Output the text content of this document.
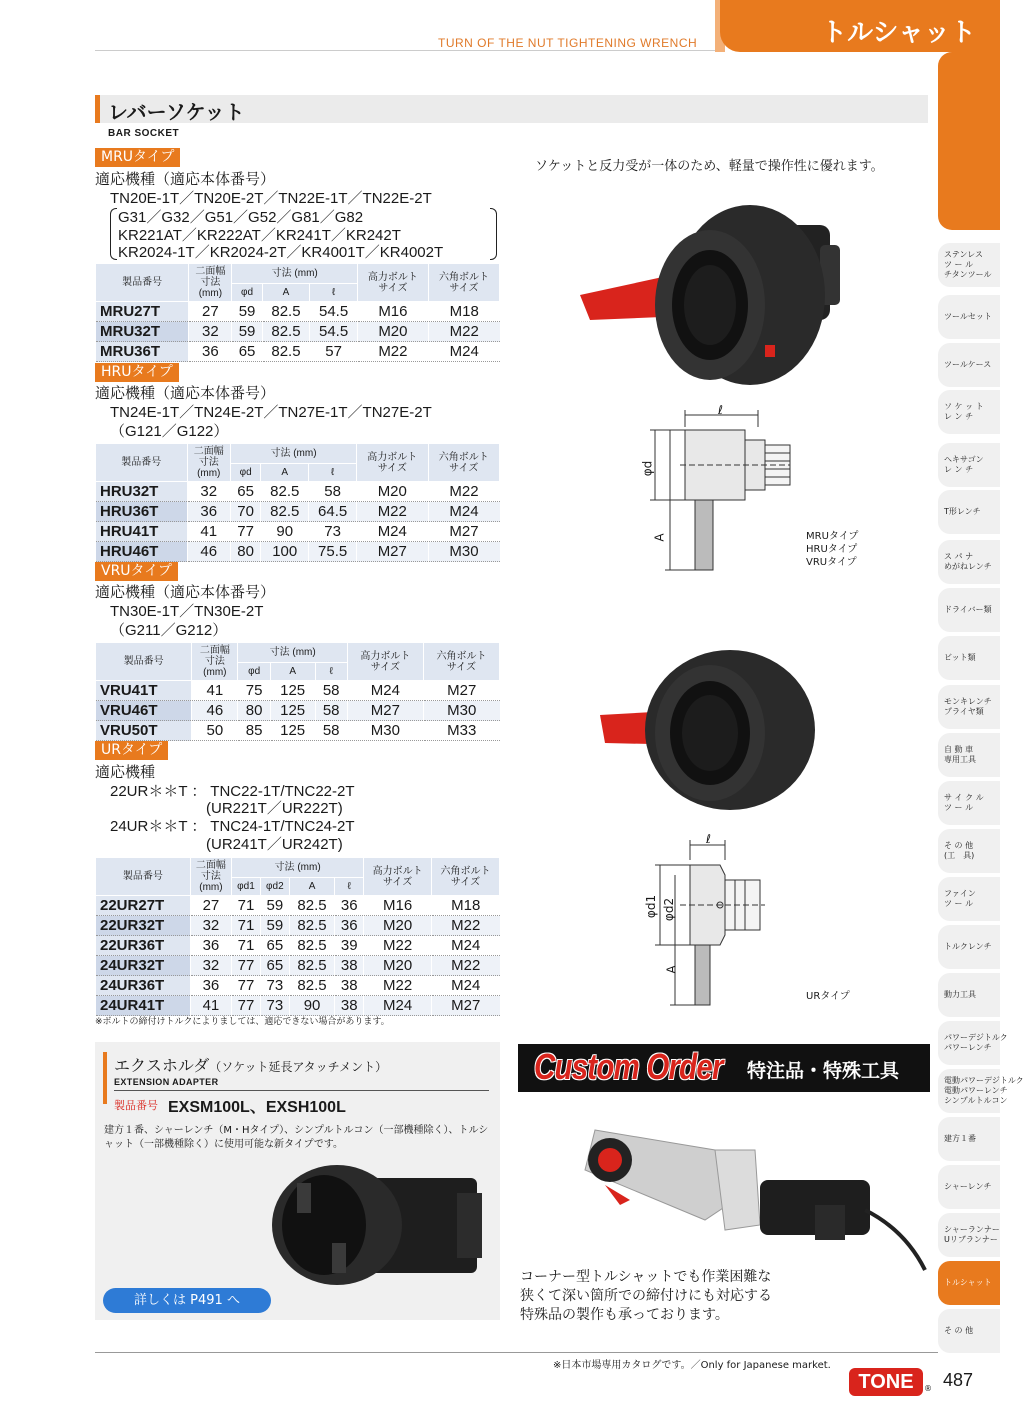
TURN OF THE NUT TIGHTENING WRENCH	トルシャット
ステンレス
ツ ー ル
チタンツール
ツールセット
ツールケース
ソ ケ ッ ト
レ ン チ
ヘキサゴン
レ ン チ
T形レンチ
ス パ ナ
めがねレンチ
ドライバー類
ビット類
モンキレンチ
プライヤ類
自 動 車
専用工具
サ イ ク ル
ツ ー ル
そ の 他
(工　具)
ファイン
ツ ー ル
トルクレンチ
動力工具
パワーデジトルク
パワーレンチ
電動パワーデジトルク
電動パワーレンチ
シンプルトルコン
建方１番
シャーレンチ
シャーランナー
Uリブランナー
トルシャット
そ の 他
レバーソケット
BAR SOCKET
ソケットと反力受が一体のため、軽量で操作性に優れます。
MRUタイプ
適応機種（適応本体番号）
TN20E-1T／TN20E-2T／TN22E-1T／TN22E-2T
G31／G32／G51／G52／G81／G82
KR221AT／KR222AT／KR241T／KR242T
KR2024-1T／KR2024-2T／KR4001T／KR4002T
製品番号	二面幅
寸法
(mm)	寸法 (mm)			高力ボルト
サイズ	六角ボルト
サイズ
		φd	A	ℓ		
MRU27T	27	59	82.5	54.5	M16	M18
MRU32T	32	59	82.5	54.5	M20	M22
MRU36T	36	65	82.5	57	M22	M24
HRUタイプ
適応機種（適応本体番号）
TN24E-1T／TN24E-2T／TN27E-1T／TN27E-2T
（G121／G122）
製品番号	二面幅
寸法
(mm)	寸法 (mm)			高力ボルト
サイズ	六角ボルト
サイズ
		φd	A	ℓ		
HRU32T	32	65	82.5	58	M20	M22
HRU36T	36	70	82.5	64.5	M22	M24
HRU41T	41	77	90	73	M24	M27
HRU46T	46	80	100	75.5	M27	M30
VRUタイプ
適応機種（適応本体番号）
TN30E-1T／TN30E-2T
（G211／G212）
製品番号	二面幅
寸法
(mm)	寸法 (mm)			高力ボルト
サイズ	六角ボルト
サイズ
		φd	A	ℓ		
VRU41T	41	75	125	58	M24	M27
VRU46T	46	80	125	58	M27	M30
VRU50T	50	85	125	58	M30	M33
URタイプ
適応機種
22UR＊＊T ： TNC22-1T/TNC22-2T
(UR221T／UR222T)
24UR＊＊T ： TNC24-1T/TNC24-2T
(UR241T／UR242T)
製品番号	二面幅
寸法
(mm)	寸法 (mm)				高力ボルト
サイズ	六角ボルト
サイズ
		φd1	φd2	A	ℓ		
22UR27T	27	71	59	82.5	36	M16	M18
22UR32T	32	71	59	82.5	36	M20	M22
22UR36T	36	71	65	82.5	39	M22	M24
24UR32T	32	77	65	82.5	38	M20	M22
24UR36T	36	77	73	82.5	38	M22	M24
24UR41T	41	77	73	90	38	M24	M27
※ボルトの締付けトルクによりましては、適応できない場合があります。
ℓ
φd
A	MRUタイプ
HRUタイプ
VRUタイプ
ℓ
φd1 φd2
A
URタイプ
エクスホルダ（ソケット延長アタッチメント）
EXTENSION ADAPTER
製品番号 EXSM100L、EXSH100L
建方１番、シャーレンチ（M・Hタイプ）、シンプルトルコン（一部機種除く）、トルシャット（一部機種除く）に使用可能な新タイプです。
詳しくは P491 へ
Custom Order 特注品・特殊工具
コーナー型トルシャットでも作業困難な
狭くて深い箇所での締付けにも対応する
特殊品の製作も承っております。
※日本市場専用カタログです。／Only for Japanese market.
TONE	® 487
